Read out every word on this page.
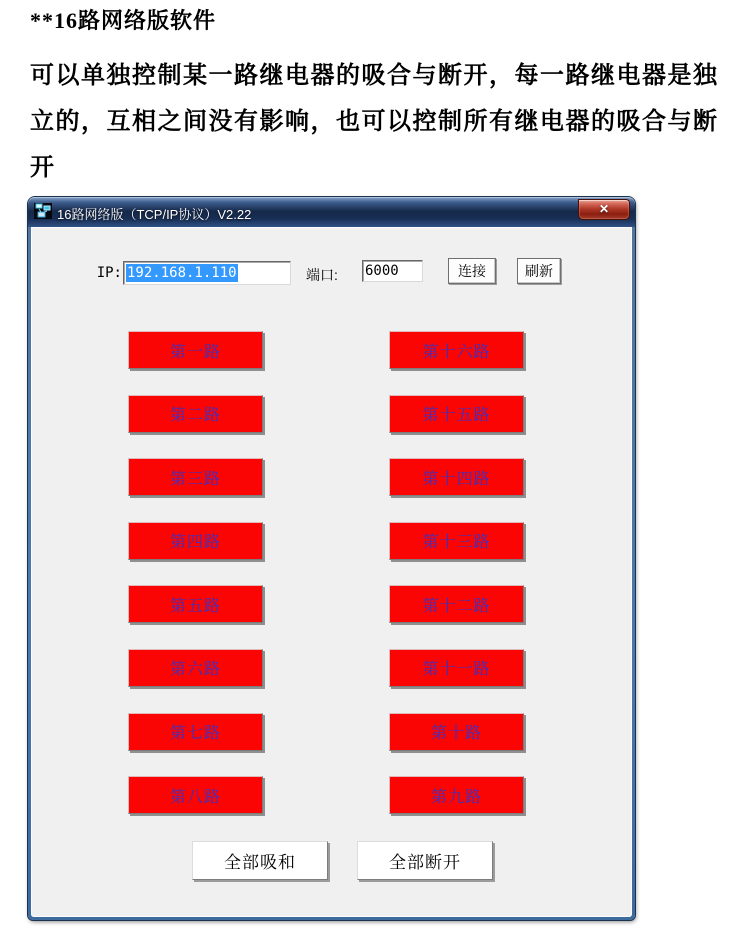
**16路网络版软件
可以单独控制某一路继电器的吸合与断开，每一路继电器是独
立的，互相之间没有影响，也可以控制所有继电器的吸合与断
开
16路网络版（TCP/IP协议）V2.22	✕
IP: 192.168.1.110	端口: 6000	连接	刷新
第一路
第二路
第三路
第四路
第五路
第六路
第七路
第八路
第十六路
第十五路
第十四路
第十三路
第十二路
第十一路
第十路
第九路
全部吸和	全部断开
